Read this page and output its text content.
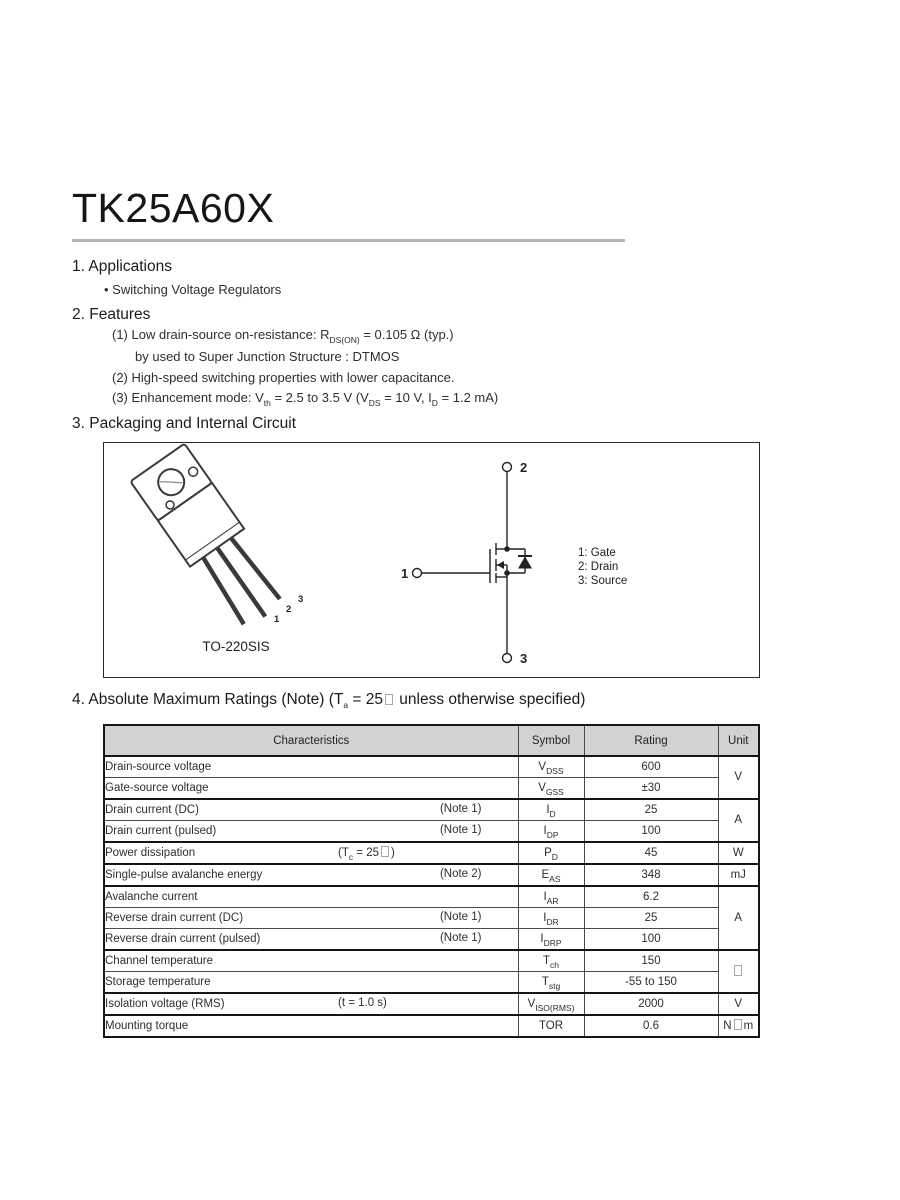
TK25A60X
1. Applications
• Switching Voltage Regulators
2. Features
(1) Low drain-source on-resistance: $R_{DS(ON)} = 0.105$ Ω (typ.)
by used to Super Junction Structure : DTMOS
(2) High-speed switching properties with lower capacitance.
(3) Enhancement mode: $V_{th} = 2.5$ to 3.5 V ($V_{DS} = 10$ V, $I_D = 1.2$ mA)
3. Packaging and Internal Circuit
1
2
3
TO-220SIS
2
1
3
1: Gate
2: Drain
3: Source
4. Absolute Maximum Ratings (Note) ($T_a = 25$ unless otherwise specified)
Characteristics	Symbol	Rating	Unit
Drain-source voltage	$V_{DSS}$	600	V
Gate-source voltage	$V_{GSS}$	±30	
Drain current (DC) (Note 1)	$I_D$	25	A
Drain current (pulsed) (Note 1)	$I_{DP}$	100	
Power dissipation ($T_c = 25$ )	$P_D$	45	W
Single-pulse avalanche energy (Note 2)	$E_{AS}$	348	mJ
Avalanche current	$I_{AR}$	6.2	A
Reverse drain current (DC) (Note 1)	$I_{DR}$	25	
Reverse drain current (pulsed) (Note 1)	$I_{DRP}$	100	
Channel temperature	$T_{ch}$	150	
Storage temperature	$T_{stg}$	-55 to 150	
Isolation voltage (RMS) (t = 1.0 s)	$V_{ISO(RMS)}$	2000	V
Mounting torque	TOR	0.6	N m
